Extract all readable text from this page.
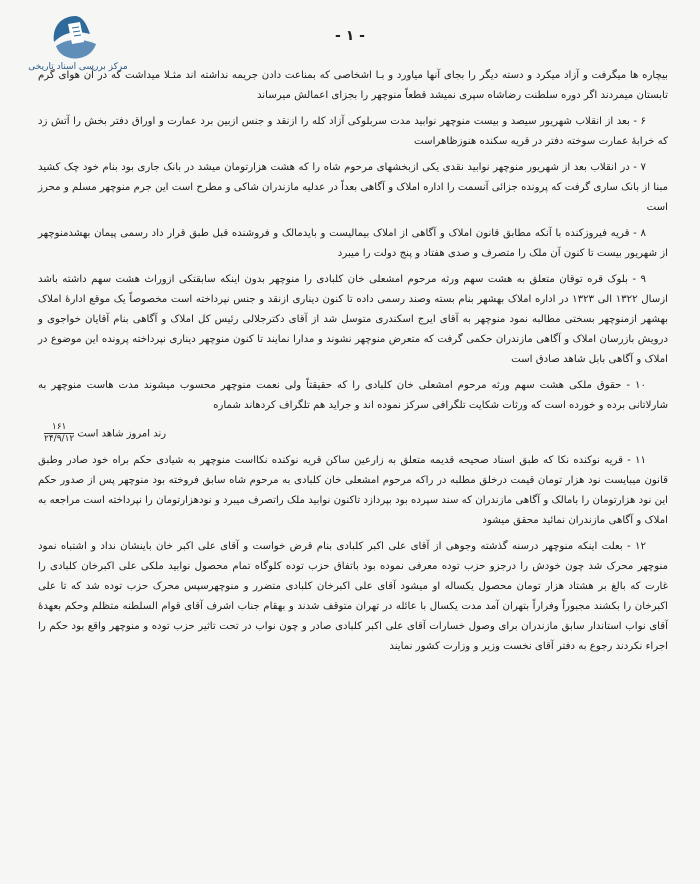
مرکز بررسی اسناد تاریخی
- ۱ -

بیچاره ها میگرفت و آزاد میکرد و دسته دیگر را بجای آنها میاورد و بـا اشخاصی که بمناعت دادن جریمه نداشته اند مثـلا میداشت که در آن هوای گرم تابستان میمردند اگر دوره سلطنت رضاشاه سپری نمیشد قطعاً منوچهر را بجزای اعمالش میرساند

۶ - بعد از انقلاب شهریور سیصد و بیست منوچهر نوابید مدت سربلوکی آزاد کله را ازنقد و جنس ازبین برد عمارت و اوراق دفتر بخش را آتش زد که خرابهٔ عمارت سوخته دفتر در قریه سکنده هنوزظاهراست

۷ - در انقلاب بعد از شهریور منوچهر نوابید نقدی یکی ازبخشهای مرحوم شاه را که هشت هزارتومان میشد در بانک جاری بود بنام خود چک کشید مبنا از بانک ساری گرفت که پرونده جزائی آنسمت را اداره املاک و آگاهی بعداً در عدلیه مازندران شاکی و مطرح است این جرم منوچهر مسلم و محرز است

۸ - قریه فیروزکنده با آنکه مطابق قانون املاک و آگاهی از املاک بیمالیست و بایدمالک و فروشنده قبل طبق قرار داد رسمی پیمان بهشدمنوچهر از شهریور بیست تا کنون آن ملک را متصرف و صدی هفتاد و پنج دولت را میبرد

۹ - بلوک قره توقان متعلق به هشت سهم ورثه مرحوم امشعلی خان کلبادی را منوچهر بدون اینکه سابقتکی ازوراث هشت سهم داشته باشد ازسال ۱۳۲۲ الی ۱۳۲۳ در اداره املاک بهشهر بنام بسته وصند رسمی داده تا کنون دیناری ازنقد و جنس نپرداخته است مخصوصاً یک موقع ادارهٔ املاک بهشهر ازمنوچهر بسختی مطالبه نمود منوچهر به آقای ایرج اسکندری متوسل شد از آقای دکترجلالی رئیس کل املاک و آگاهی بنام آقایان خواجوی و درویش بازرسان املاک و آگاهی مازندران حکمی گرفت که متعرض منوچهر نشوند و مدارا نمایند تا کنون منوچهر دیناری نپرداخته پرونده این موضوع در املاک و آگاهی بابل شاهد صادق است

۱۰ - حقوق ملکی هشت سهم ورثه مرحوم امشعلی خان کلبادی را که حقیقتاً ولی نعمت منوچهر محسوب میشوند مدت هاست منوچهر به شارلاتانی برده و خورده است که ورثات شکایت تلگرافی سرکز نموده اند و جراید هم تلگراف کردهاند شماره

رند امروز شاهد است
$\frac{۱۶۱}{۲۴/۹/۱۲}$

۱۱ - قریه نوکنده نکا که طبق اسناد صحیحه قدیمه متعلق به زارعین ساکن قریه نوکنده نکااست منوچهر به شیادی حکم براه خود صادر وطبق قانون میبایست نود هزار تومان قیمت درخلق مطلبه در راکه مرحوم امشعلی خان کلبادی به مرحوم شاه سابق فروخته بود منوچهر پس از صدور حکم این نود هزارتومان را بامالک و آگاهی مازندران که سند سپرده بود بپردازد تاکنون نوابید ملک راتصرف میبرد و نودهزارتومان را نپرداخته است مراجعه به املاک و آگاهی مازندران نمائید محقق میشود

۱۲ - بعلت اینکه منوچهر درسنه گذشته وجوهی از آقای علی اکبر کلبادی بنام قرض خواست و آقای علی اکبر خان باینشان نداد و اشتباه نمود منوچهر محرک شد چون خودش را درجزو حزب توده معرفی نموده بود باتفاق حزب توده کلوگاه تمام محصول نوابید ملکی علی اکبرخان کلبادی را غارت که بالغ بر هشتاد هزار تومان محصول یکساله او میشود آقای علی اکبرخان کلبادی متضرر و منوچهرسپس محرک حزب توده شد که تا علی اکبرخان را بکشند مجبوراً وفراراً بتهران آمد مدت یکسال با عائله در تهران متوقف شدند و بهقام جناب اشرف آقای قوام السلطنه متظلم وحکم بعهدهٔ آقای نواب استاندار سابق مازندران برای وصول خسارات آقای علی اکبر کلبادی صادر و چون نواب در تحت تاثیر حزب توده و منوچهر واقع بود حکم را اجراء نکردند رجوع به دفتر آقای نخست وزیر و وزارت کشور نمایند
